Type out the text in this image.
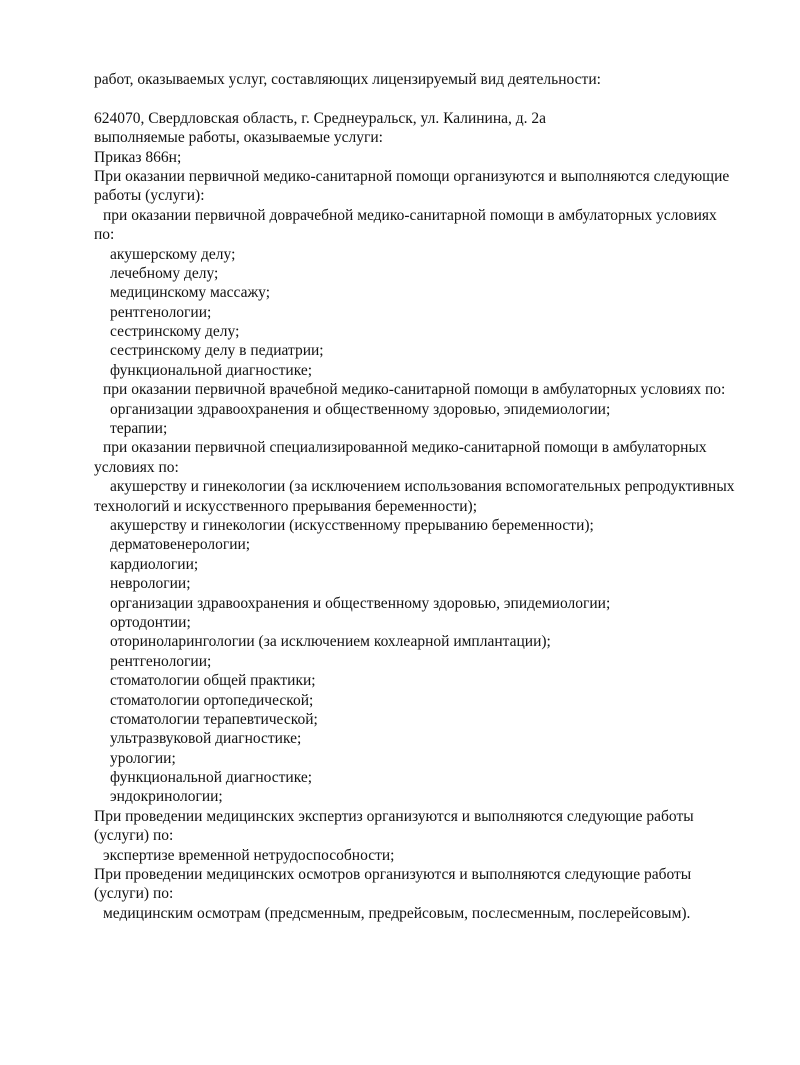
работ, оказываемых услуг, составляющих лицензируемый вид деятельности:
624070, Свердловская область, г. Среднеуральск, ул. Калинина, д. 2а
выполняемые работы, оказываемые услуги:
Приказ 866н;
При оказании первичной медико-санитарной помощи организуются и выполняются следующие
работы (услуги):
при оказании первичной доврачебной медико-санитарной помощи в амбулаторных условиях
по:
акушерскому делу;
лечебному делу;
медицинскому массажу;
рентгенологии;
сестринскому делу;
сестринскому делу в педиатрии;
функциональной диагностике;
при оказании первичной врачебной медико-санитарной помощи в амбулаторных условиях по:
организации здравоохранения и общественному здоровью, эпидемиологии;
терапии;
при оказании первичной специализированной медико-санитарной помощи в амбулаторных
условиях по:
акушерству и гинекологии (за исключением использования вспомогательных репродуктивных
технологий и искусственного прерывания беременности);
акушерству и гинекологии (искусственному прерыванию беременности);
дерматовенерологии;
кардиологии;
неврологии;
организации здравоохранения и общественному здоровью, эпидемиологии;
ортодонтии;
оториноларингологии (за исключением кохлеарной имплантации);
рентгенологии;
стоматологии общей практики;
стоматологии ортопедической;
стоматологии терапевтической;
ультразвуковой диагностике;
урологии;
функциональной диагностике;
эндокринологии;
При проведении медицинских экспертиз организуются и выполняются следующие работы
(услуги) по:
экспертизе временной нетрудоспособности;
При проведении медицинских осмотров организуются и выполняются следующие работы
(услуги) по:
медицинским осмотрам (предсменным, предрейсовым, послесменным, послерейсовым).
